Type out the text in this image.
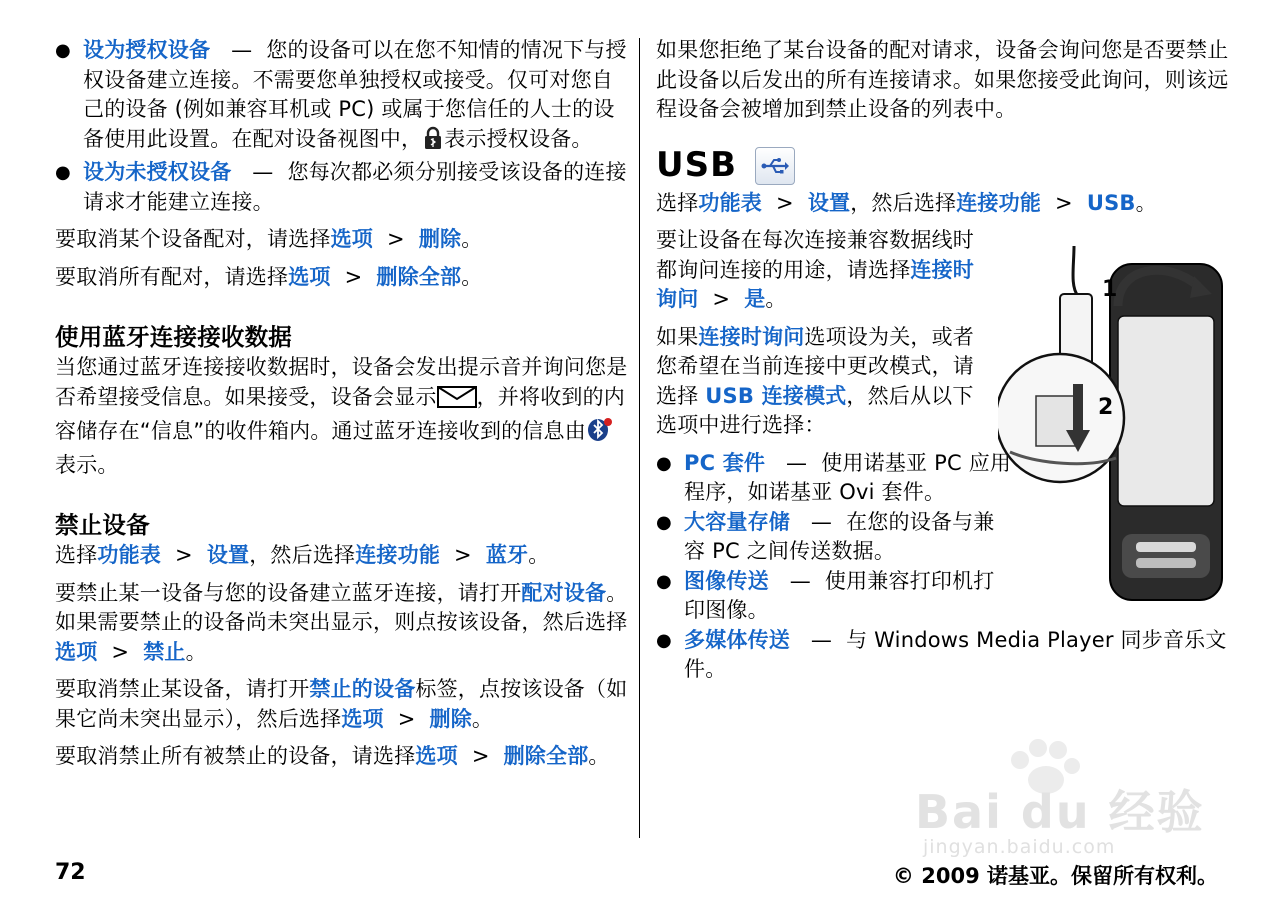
● 设为授权设备 — 您的设备可以在您不知情的情况下与授权设备建立连接。不需要您单独授权或接受。仅可对您自己的设备 (例如兼容耳机或 PC) 或属于您信任的人士的设备使用此设置。在配对设备视图中， 表示授权设备。
● 设为未授权设备 — 您每次都必须分别接受该设备的连接请求才能建立连接。

要取消某个设备配对，请选择选项 > 删除。

要取消所有配对，请选择选项 > 删除全部。

使用蓝牙连接接收数据

当您通过蓝牙连接接收数据时，设备会发出提示音并询问您是否希望接受信息。如果接受，设备会显示 ，并将收到的内容储存在“信息”的收件箱内。通过蓝牙连接收到的信息由表示。

禁止设备

选择功能表 > 设置，然后选择连接功能 > 蓝牙。

要禁止某一设备与您的设备建立蓝牙连接，请打开配对设备。 如果需要禁止的设备尚未突出显示，则点按该设备，然后选择选项 > 禁止。

要取消禁止某设备，请打开禁止的设备标签，点按该设备（如果它尚未突出显示），然后选择选项 > 删除。

要取消禁止所有被禁止的设备，请选择选项 > 删除全部。

如果您拒绝了某台设备的配对请求，设备会询问您是否要禁止此设备以后发出的所有连接请求。如果您接受此询问，则该远程设备会被增加到禁止设备的列表中。

USB

选择功能表 > 设置，然后选择连接功能 > USB。

要让设备在每次连接兼容数据线时都询问连接的用途，请选择连接时询问 > 是。

如果连接时询问选项设为关，或者您希望在当前连接中更改模式，请选择 USB 连接模式，然后从以下选项中进行选择：

● PC 套件 — 使用诺基亚 PC 应用程序，如诺基亚 Ovi 套件。
● 大容量存储 — 在您的设备与兼容 PC 之间传送数据。
● 图像传送 — 使用兼容打印机打印图像。
● 多媒体传送 — 与 Windows Media Player 同步音乐文件。
1
2
72	© 2009 诺基亚。保留所有权利。
Bai du 经验
jingyan.baidu.com
